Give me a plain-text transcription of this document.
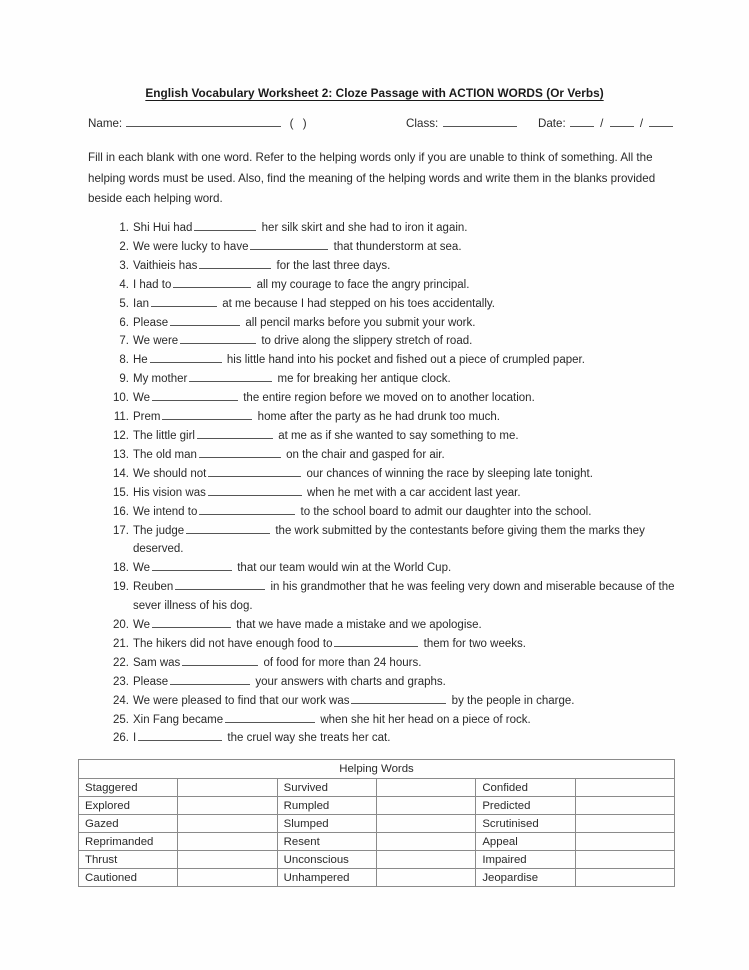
English Vocabulary Worksheet 2: Cloze Passage with ACTION WORDS (Or Verbs)
Name:	( )	Class:	Date:	/	/
Fill in each blank with one word. Refer to the helping words only if you are unable to think of something. All the helping words must be used. Also, find the meaning of the helping words and write them in the blanks provided beside each helping word.
1. Shi Hui had	her silk skirt and she had to iron it again.
2. We were lucky to have	that thunderstorm at sea.
3. Vaithieis has	for the last three days.
4. I had to	all my courage to face the angry principal.
5. Ian	at me because I had stepped on his toes accidentally.
6. Please	all pencil marks before you submit your work.
7. We were	to drive along the slippery stretch of road.
8. He	his little hand into his pocket and fished out a piece of crumpled paper.
9. My mother	me for breaking her antique clock.
10. We	the entire region before we moved on to another location.
11. Prem	home after the party as he had drunk too much.
12. The little girl	at me as if she wanted to say something to me.
13. The old man	on the chair and gasped for air.
14. We should not	our chances of winning the race by sleeping late tonight.
15. His vision was	when he met with a car accident last year.
16. We intend to	to the school board to admit our daughter into the school.
17. The judge	the work submitted by the contestants before giving them the marks they deserved.
18. We	that our team would win at the World Cup.
19. Reuben	in his grandmother that he was feeling very down and miserable because of the sever illness of his dog.
20. We	that we have made a mistake and we apologise.
21. The hikers did not have enough food to	them for two weeks.
22. Sam was	of food for more than 24 hours.
23. Please	your answers with charts and graphs.
24. We were pleased to find that our work was	by the people in charge.
25. Xin Fang became	when she hit her head on a piece of rock.
26. I	the cruel way she treats her cat.
Helping Words					
Staggered		Survived		Confided	
Explored		Rumpled		Predicted	
Gazed		Slumped		Scrutinised	
Reprimanded		Resent		Appeal	
Thrust		Unconscious		Impaired	
Cautioned		Unhampered		Jeopardise	
